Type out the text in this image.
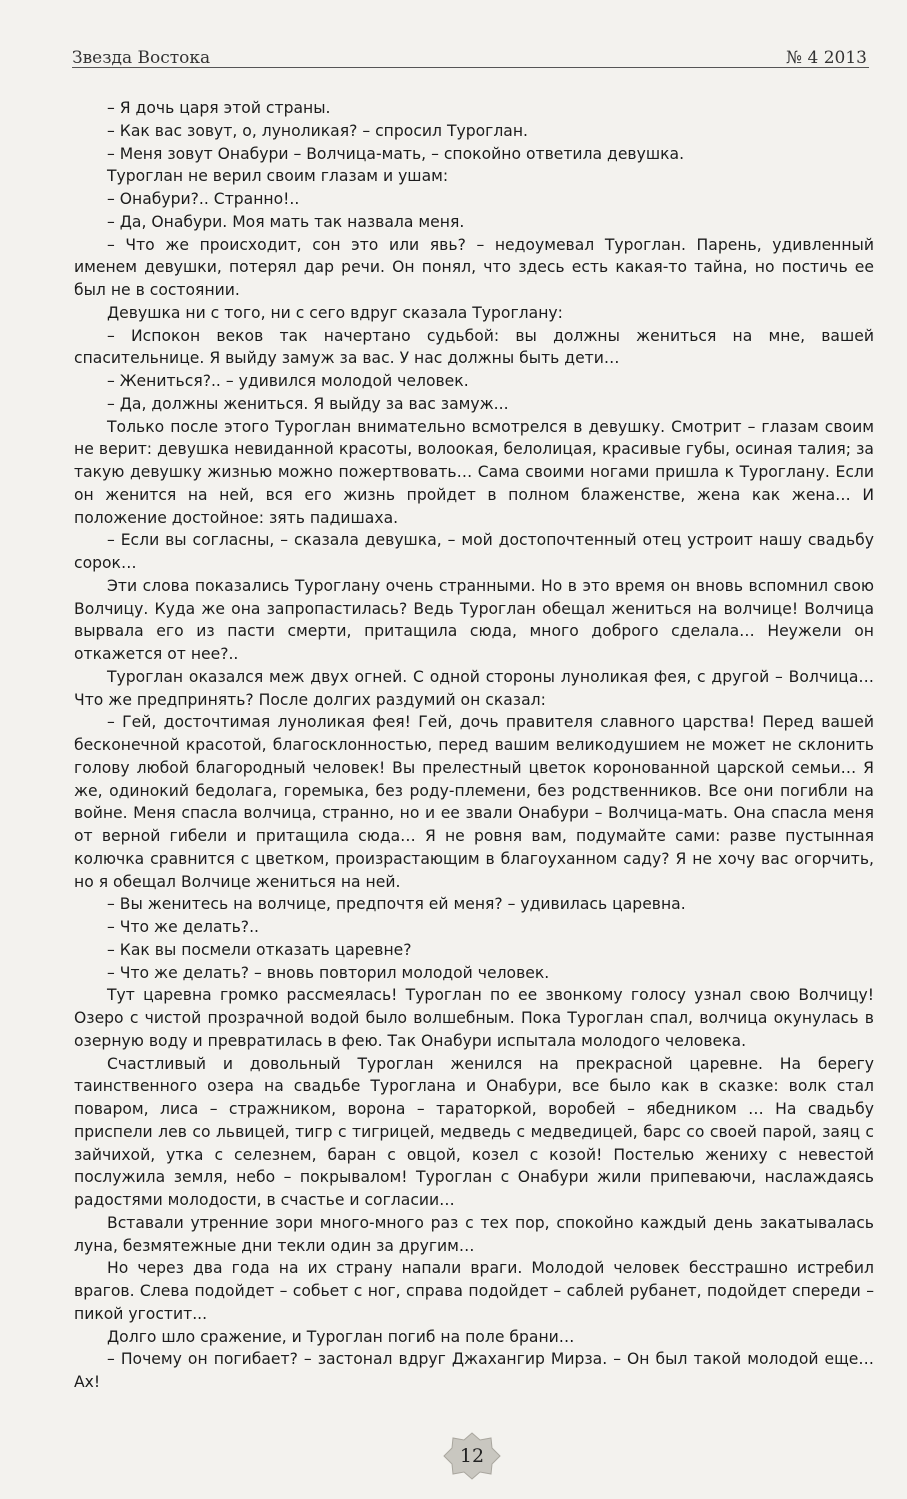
Звезда Востока	№ 4 2013

– Я дочь царя этой страны.

– Как вас зовут, о, луноликая? – спросил Туроглан.

– Меня зовут Онабури – Волчица-мать, – спокойно ответила девушка.

Туроглан не верил своим глазам и ушам:

– Онабури?.. Странно!..

– Да, Онабури. Моя мать так назвала меня.

– Что же происходит, сон это или явь? – недоумевал Туроглан. Парень, удивленный именем девушки, потерял дар речи. Он понял, что здесь есть какая-то тайна, но постичь ее был не в состоянии.

Девушка ни с того, ни с сего вдруг сказала Туроглану:

– Испокон веков так начертано судьбой: вы должны жениться на мне, вашей спасительнице. Я выйду замуж за вас. У нас должны быть дети…

– Жениться?.. – удивился молодой человек.

– Да, должны жениться. Я выйду за вас замуж...

Только после этого Туроглан внимательно всмотрелся в девушку. Смотрит – глазам своим не верит: девушка невиданной красоты, волоокая, белолицая, красивые губы, осиная талия; за такую девушку жизнью можно пожертвовать… Сама своими ногами пришла к Туроглану. Если он женится на ней, вся его жизнь пройдет в полном блаженстве, жена как жена… И положение достойное: зять падишаха.

– Если вы согласны, – сказала девушка, – мой достопочтенный отец устроит нашу свадьбу сорок…

Эти слова показались Туроглану очень странными. Но в это время он вновь вспомнил свою Волчицу. Куда же она запропастилась? Ведь Туроглан обещал жениться на волчице! Волчица вырвала его из пасти смерти, притащила сюда, много доброго сделала… Неужели он откажется от нее?..

Туроглан оказался меж двух огней. С одной стороны луноликая фея, с другой – Волчица… Что же предпринять? После долгих раздумий он сказал:

– Гей, досточтимая луноликая фея! Гей, дочь правителя славного царства! Перед вашей бесконечной красотой, благосклонностью, перед вашим великодушием не может не склонить голову любой благородный человек! Вы прелестный цветок коронованной царской семьи… Я же, одинокий бедолага, горемыка, без роду-племени, без родственников. Все они погибли на войне. Меня спасла волчица, странно, но и ее звали Онабури – Волчица-мать. Она спасла меня от верной гибели и притащила сюда… Я не ровня вам, подумайте сами: разве пустынная колючка сравнится с цветком, произрастающим в благоуханном саду? Я не хочу вас огорчить, но я обещал Волчице жениться на ней.

– Вы женитесь на волчице, предпочтя ей меня? – удивилась царевна.

– Что же делать?..

– Как вы посмели отказать царевне?

– Что же делать? – вновь повторил молодой человек.

Тут царевна громко рассмеялась! Туроглан по ее звонкому голосу узнал свою Волчицу! Озеро с чистой прозрачной водой было волшебным. Пока Туроглан спал, волчица окунулась в озерную воду и превратилась в фею. Так Онабури испытала молодого человека.

Счастливый и довольный Туроглан женился на прекрасной царевне. На берегу таинственного озера на свадьбе Туроглана и Онабури, все было как в сказке: волк стал поваром, лиса – стражником, ворона – тараторкой, воробей – ябедником … На свадьбу приспели лев со львицей, тигр с тигрицей, медведь с медведицей, барс со своей парой, заяц с зайчихой, утка с селезнем, баран с овцой, козел с козой! Постелью жениху с невестой послужила земля, небо – покрывалом! Туроглан с Онабури жили припеваючи, наслаждаясь радостями молодости, в счастье и согласии…

Вставали утренние зори много-много раз с тех пор, спокойно каждый день закатывалась луна, безмятежные дни текли один за другим…

Но через два года на их страну напали враги. Молодой человек бесстрашно истребил врагов. Слева подойдет – собьет с ног, справа подойдет – саблей рубанет, подойдет спереди – пикой угостит...

Долго шло сражение, и Туроглан погиб на поле брани…

– Почему он погибает? – застонал вдруг Джахангир Мирза. – Он был такой молодой еще… Ах!

12
